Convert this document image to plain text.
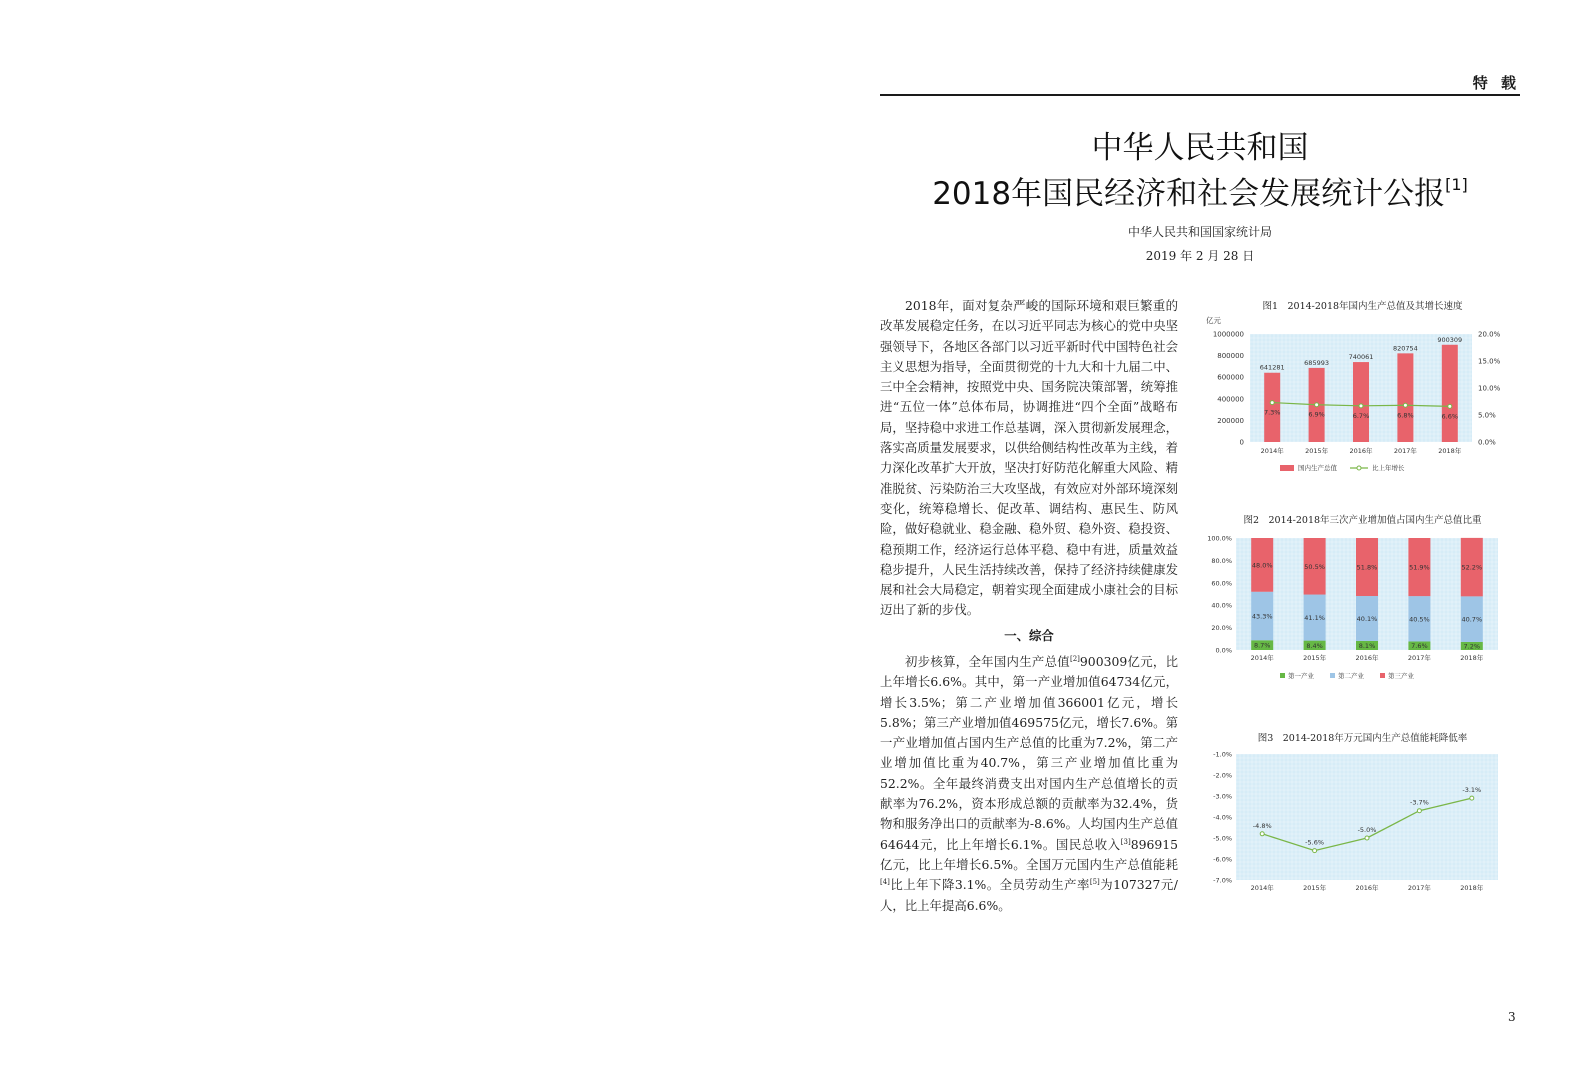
特 载
中华人民共和国
2018年国民经济和社会发展统计公报[1]
中华人民共和国国家统计局
2019 年 2 月 28 日

2018年，面对复杂严峻的国际环境和艰巨繁重的改革发展稳定任务，在以习近平同志为核心的党中央坚强领导下，各地区各部门以习近平新时代中国特色社会主义思想为指导，全面贯彻党的十九大和十九届二中、三中全会精神，按照党中央、国务院决策部署，统筹推进“五位一体”总体布局，协调推进“四个全面”战略布局，坚持稳中求进工作总基调，深入贯彻新发展理念，落实高质量发展要求，以供给侧结构性改革为主线，着力深化改革扩大开放，坚决打好防范化解重大风险、精准脱贫、污染防治三大攻坚战，有效应对外部环境深刻变化，统筹稳增长、促改革、调结构、惠民生、防风险，做好稳就业、稳金融、稳外贸、稳外资、稳投资、稳预期工作，经济运行总体平稳、稳中有进，质量效益稳步提升，人民生活持续改善，保持了经济持续健康发展和社会大局稳定，朝着实现全面建成小康社会的目标迈出了新的步伐。

一、综合

初步核算，全年国内生产总值[2]900309亿元，比上年增长6.6%。其中，第一产业增加值64734亿元，增长3.5%；第二产业增加值366001亿元，增长5.8%；第三产业增加值469575亿元，增长7.6%。第一产业增加值占国内生产总值的比重为7.2%，第二产业增加值比重为40.7%，第三产业增加值比重为52.2%。全年最终消费支出对国内生产总值增长的贡献率为76.2%，资本形成总额的贡献率为32.4%，货物和服务净出口的贡献率为-8.6%。人均国内生产总值64644元，比上年增长6.1%。国民总收入[3]896915亿元，比上年增长6.5%。全国万元国内生产总值能耗[4]比上年下降3.1%。全员劳动生产率[5]为107327元/人，比上年提高6.6%。

图1　2014-2018年国内生产总值及其增长速度
亿元
1000000
800000
600000
400000
200000
0
20.0%
15.0%
10.0%
5.0%
0.0%
641281
2014年
685993
2015年
740061
2016年
820754
2017年
900309
2018年
7.3%	6.9%	6.7%	6.8%	6.6%
国内生产总值	比上年增长
图2　2014-2018年三次产业增加值占国内生产总值比重
100.0%
80.0%
60.0%
40.0%
20.0%
0.0%
8.7%
43.3%
48.0%
2014年
8.4%
41.1%
50.5%
2015年
8.1%
40.1%
51.8%
2016年
7.6%
40.5%
51.9%
2017年
7.2%
40.7%
52.2%
2018年
第一产业	第二产业	第三产业
图3　2014-2018年万元国内生产总值能耗降低率
-1.0%
-2.0%
-3.0%
-4.0%
-5.0%
-6.0%
-7.0%
-4.8%
2014年
-5.6%
2015年
-5.0%
2016年
-3.7%
2017年
-3.1%
2018年
3
